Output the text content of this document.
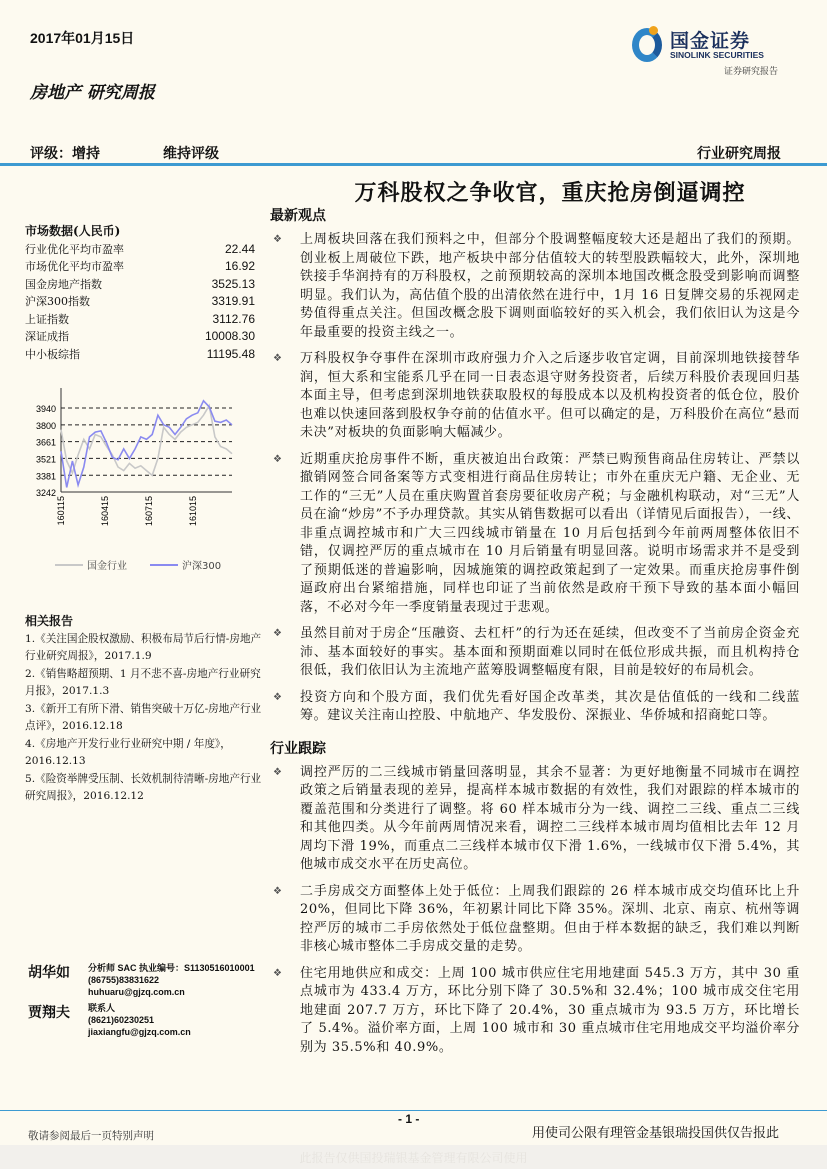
2017年01月15日	国金证券
SINOLINK SECURITIES
证券研究报告
房地产 研究周报
评级：增持	维持评级	行业研究周报
万科股权之争收官，重庆抢房倒逼调控
市场数据(人民币)
行业优化平均市盈率	22.44
市场优化平均市盈率	16.92
国金房地产指数	3525.13
沪深300指数	3319.91
上证指数	3112.76
深证成指	10008.30
中小板综指	11195.48
3940
3800
3661
3521
3381
3242
160115	160415	160715	161015
国金行业	沪深300
相关报告

1.《关注国企股权激励、积极布局节后行情-房地产行业研究周报》，2017.1.9

2.《销售略超预期、1 月不悲不喜-房地产行业研究月报》，2017.1.3

3.《新开工有所下滑、销售突破十万亿-房地产行业点评》，2016.12.18

4.《房地产开发行业行业研究中期 / 年度》，2016.12.13

5.《险资举牌受压制、长效机制待清晰-房地产行业研究周报》，2016.12.12

胡华如	分析师 SAC 执业编号：S1130516010001
(86755)83831622
huhuaru@gjzq.com.cn
贾翔夫	联系人
(8621)60230251
jiaxiangfu@gjzq.com.cn
最新观点
❖	上周板块回落在我们预料之中，但部分个股调整幅度较大还是超出了我们的预期。创业板上周破位下跌，地产板块中部分估值较大的转型股跌幅较大，此外，深圳地铁接手华润持有的万科股权，之前预期较高的深圳本地国改概念股受到影响而调整明显。我们认为，高估值个股的出清依然在进行中，1月 16 日复牌交易的乐视网走势值得重点关注。但国改概念股下调则面临较好的买入机会，我们依旧认为这是今年最重要的投资主线之一。
❖	万科股权争夺事件在深圳市政府强力介入之后逐步收官定调，目前深圳地铁接替华润，恒大系和宝能系几乎在同一日表态退守财务投资者，后续万科股价表现回归基本面主导，但考虑到深圳地铁获取股权的每股成本以及机构投资者的低仓位，股价也难以快速回落到股权争夺前的估值水平。但可以确定的是，万科股价在高位“悬而未决”对板块的负面影响大幅减少。
❖	近期重庆抢房事件不断，重庆被迫出台政策：严禁已购预售商品住房转让、严禁以撤销网签合同备案等方式变相进行商品住房转让；市外在重庆无户籍、无企业、无工作的“三无”人员在重庆购置首套房要征收房产税；与金融机构联动，对“三无”人员在渝“炒房”不予办理贷款。其实从销售数据可以看出（详情见后面报告），一线、非重点调控城市和广大三四线城市销量在 10 月后包括到今年前两周整体依旧不错，仅调控严厉的重点城市在 10 月后销量有明显回落。说明市场需求并不是受到了预期低迷的普遍影响，因城施策的调控政策起到了一定效果。而重庆抢房事件倒逼政府出台紧缩措施，同样也印证了当前依然是政府干预下导致的基本面小幅回落，不必对今年一季度销量表现过于悲观。
❖	虽然目前对于房企“压融资、去杠杆”的行为还在延续，但改变不了当前房企资金充沛、基本面较好的事实。基本面和预期面难以同时在低位形成共振，而且机构持仓很低，我们依旧认为主流地产蓝筹股调整幅度有限，目前是较好的布局机会。
❖	投资方向和个股方面，我们优先看好国企改革类，其次是估值低的一线和二线蓝筹。建议关注南山控股、中航地产、华发股份、深振业、华侨城和招商蛇口等。
行业跟踪
❖	调控严厉的二三线城市销量回落明显，其余不显著：为更好地衡量不同城市在调控政策之后销量表现的差异，提高样本城市数据的有效性，我们对跟踪的样本城市的覆盖范围和分类进行了调整。将 60 样本城市分为一线、调控二三线、重点二三线和其他四类。从今年前两周情况来看，调控二三线样本城市周均值相比去年 12 月周均下滑 19%，而重点二三线样本城市仅下滑 1.6%，一线城市仅下滑 5.4%，其他城市成交水平在历史高位。
❖	二手房成交方面整体上处于低位：上周我们跟踪的 26 样本城市成交均值环比上升 20%，但同比下降 36%，年初累计同比下降 35%。深圳、北京、南京、杭州等调控严厉的城市二手房依然处于低位盘整期。但由于样本数据的缺乏，我们难以判断非核心城市整体二手房成交量的走势。
❖	住宅用地供应和成交：上周 100 城市供应住宅用地建面 545.3 万方，其中 30 重点城市为 433.4 万方，环比分别下降了 30.5%和 32.4%；100 城市成交住宅用地建面 207.7 万方，环比下降了 20.4%，30 重点城市为 93.5 万方，环比增长了 5.4%。溢价率方面，上周 100 城市和 30 重点城市住宅用地成交平均溢价率分别为 35.5%和 40.9%。
- 1 -
敬请参阅最后一页特别声明	用使司公限有理管金基银瑞投国供仅告报此
此报告仅供国投瑞银基金管理有限公司使用
